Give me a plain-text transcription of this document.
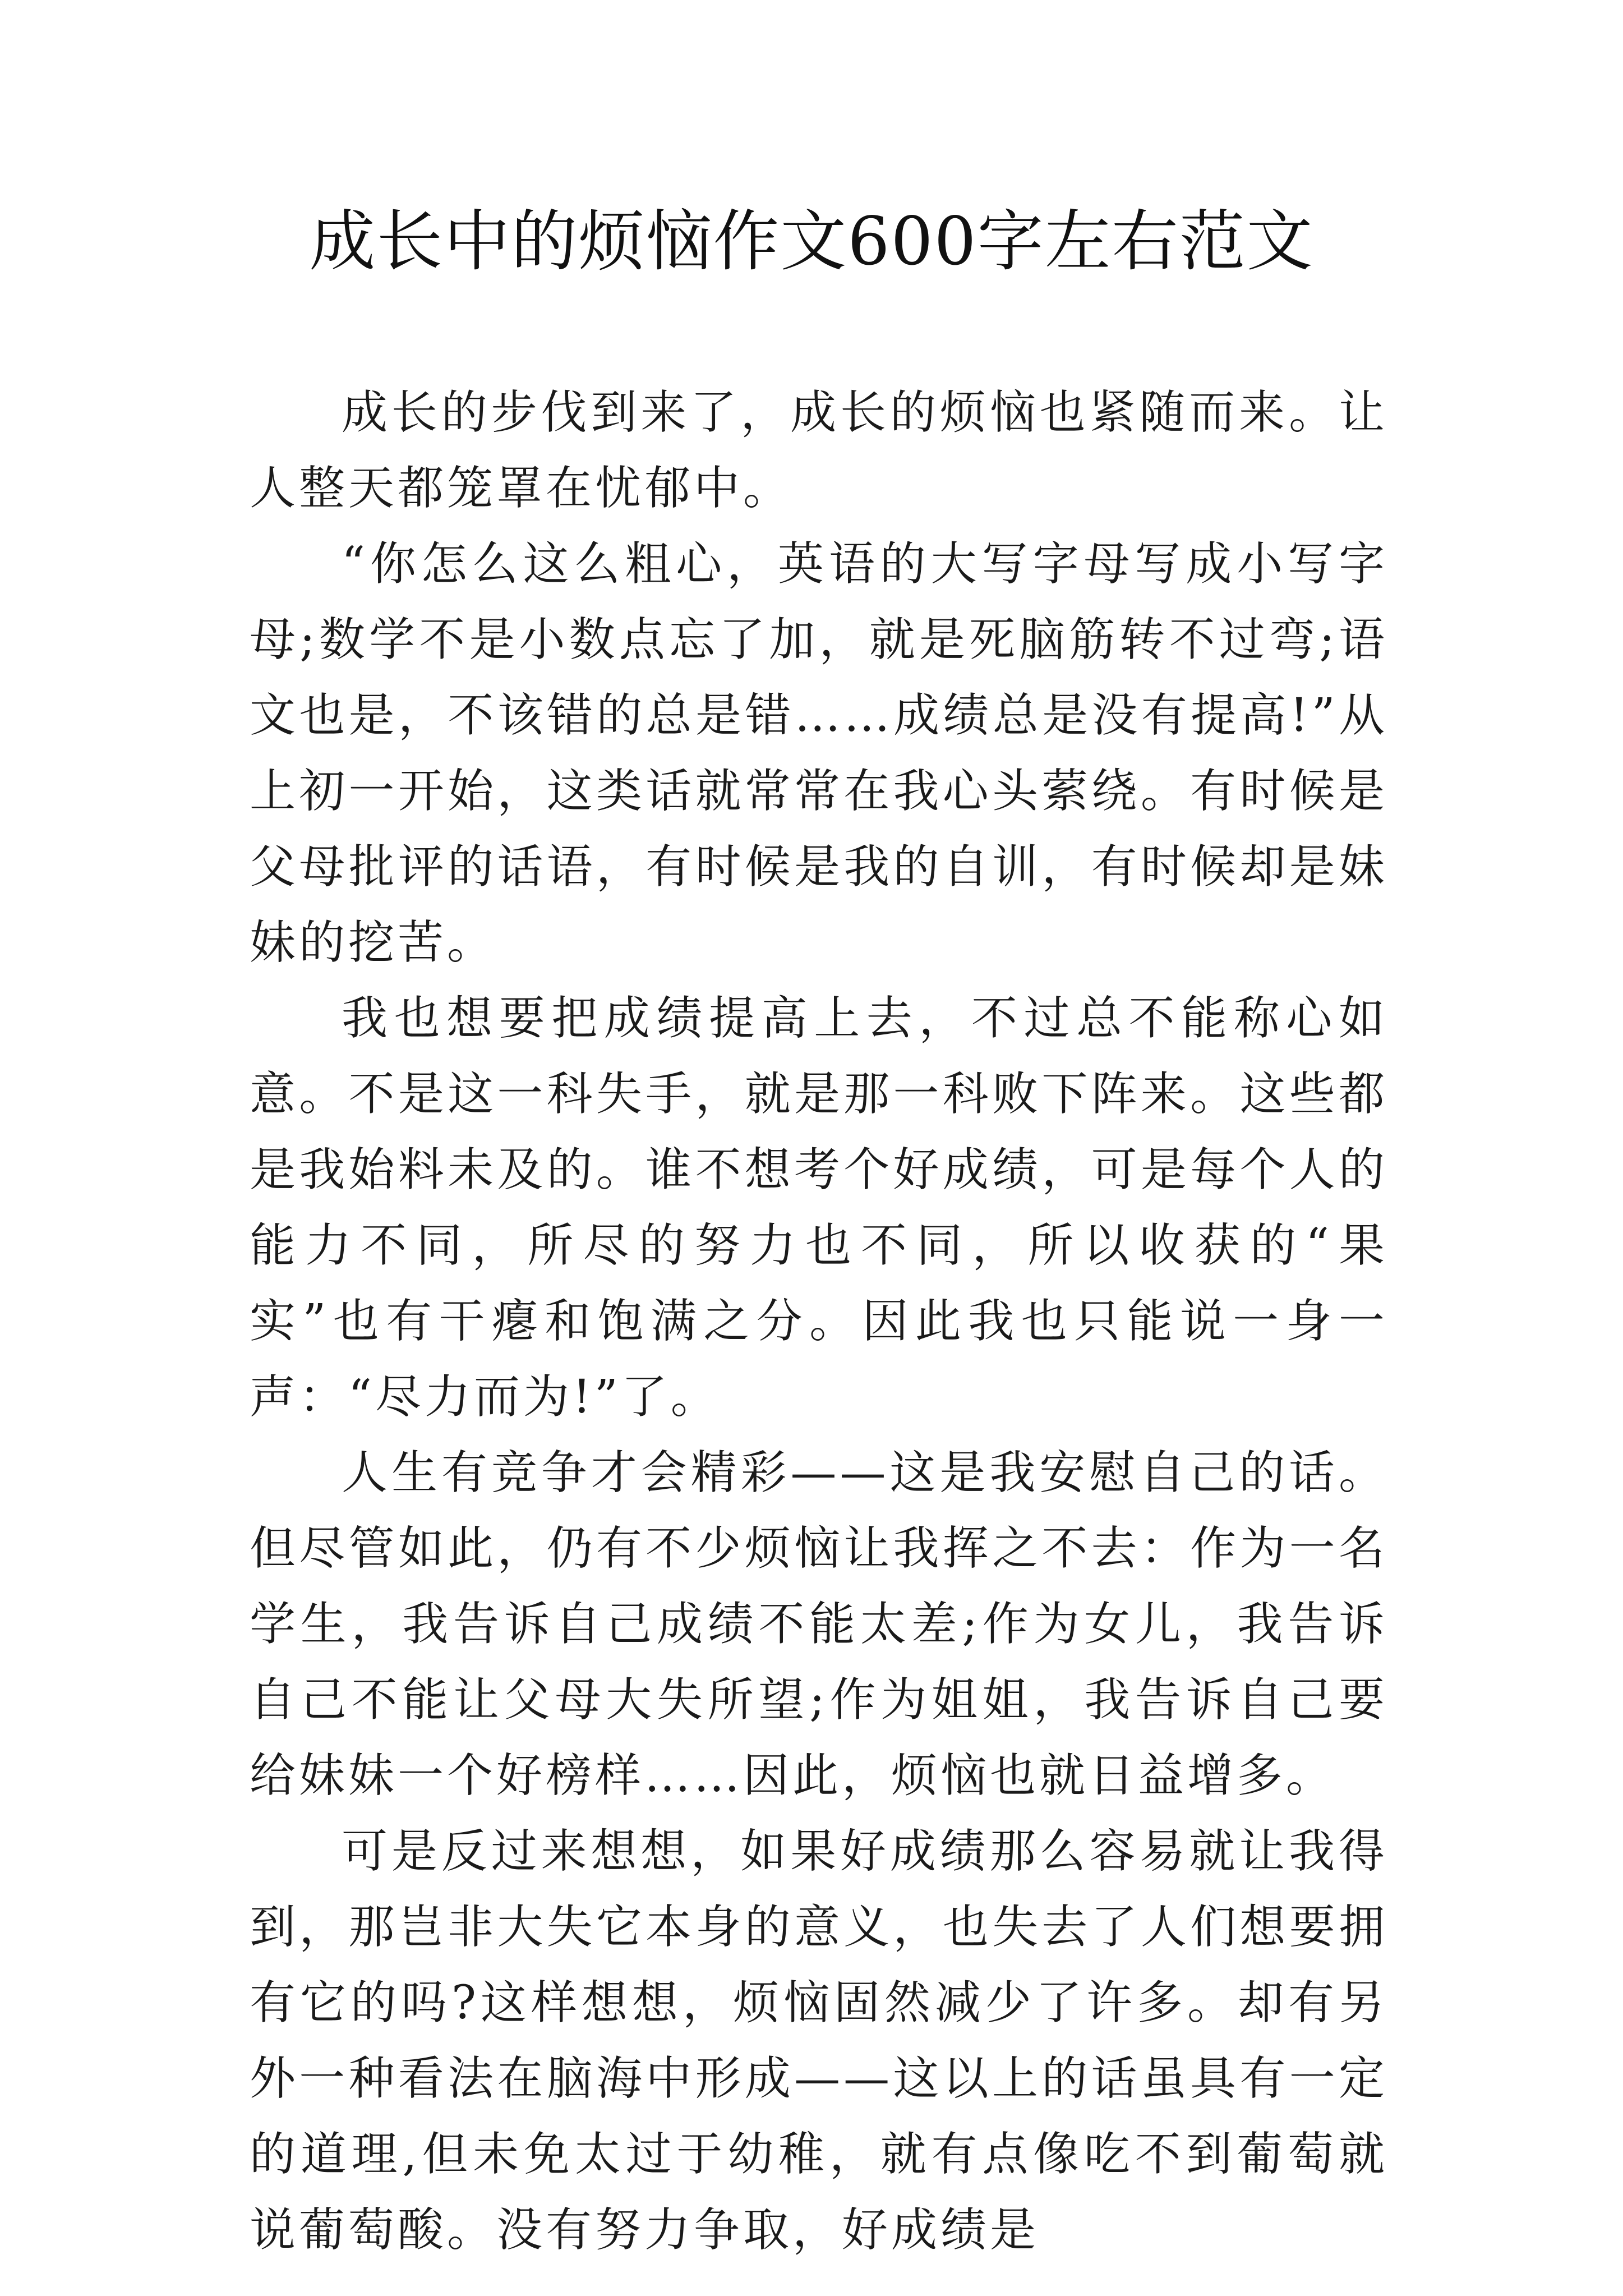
成长中的烦恼作文600字左右范文

成长的步伐到来了，成长的烦恼也紧随而来。让人整天都笼罩在忧郁中。

“你怎么这么粗心，英语的大写字母写成小写字母;数学不是小数点忘了加，就是死脑筋转不过弯;语文也是，不该错的总是错……成绩总是没有提高!”从上初一开始，这类话就常常在我心头萦绕。有时候是父母批评的话语，有时候是我的自训，有时候却是妹妹的挖苦。

我也想要把成绩提高上去，不过总不能称心如意。不是这一科失手，就是那一科败下阵来。这些都是我始料未及的。谁不想考个好成绩，可是每个人的能力不同，所尽的努力也不同，所以收获的“果实”也有干瘪和饱满之分。因此我也只能说一身一声：“尽力而为!”了。

人生有竞争才会精彩——这是我安慰自己的话。但尽管如此，仍有不少烦恼让我挥之不去：作为一名学生，我告诉自己成绩不能太差;作为女儿，我告诉自己不能让父母大失所望;作为姐姐，我告诉自己要给妹妹一个好榜样……因此，烦恼也就日益增多。

可是反过来想想，如果好成绩那么容易就让我得到，那岂非大失它本身的意义，也失去了人们想要拥有它的吗?这样想想，烦恼固然减少了许多。却有另外一种看法在脑海中形成——这以上的话虽具有一定的道理,但未免太过于幼稚，就有点像吃不到葡萄就说葡萄酸。没有努力争取，好成绩是
